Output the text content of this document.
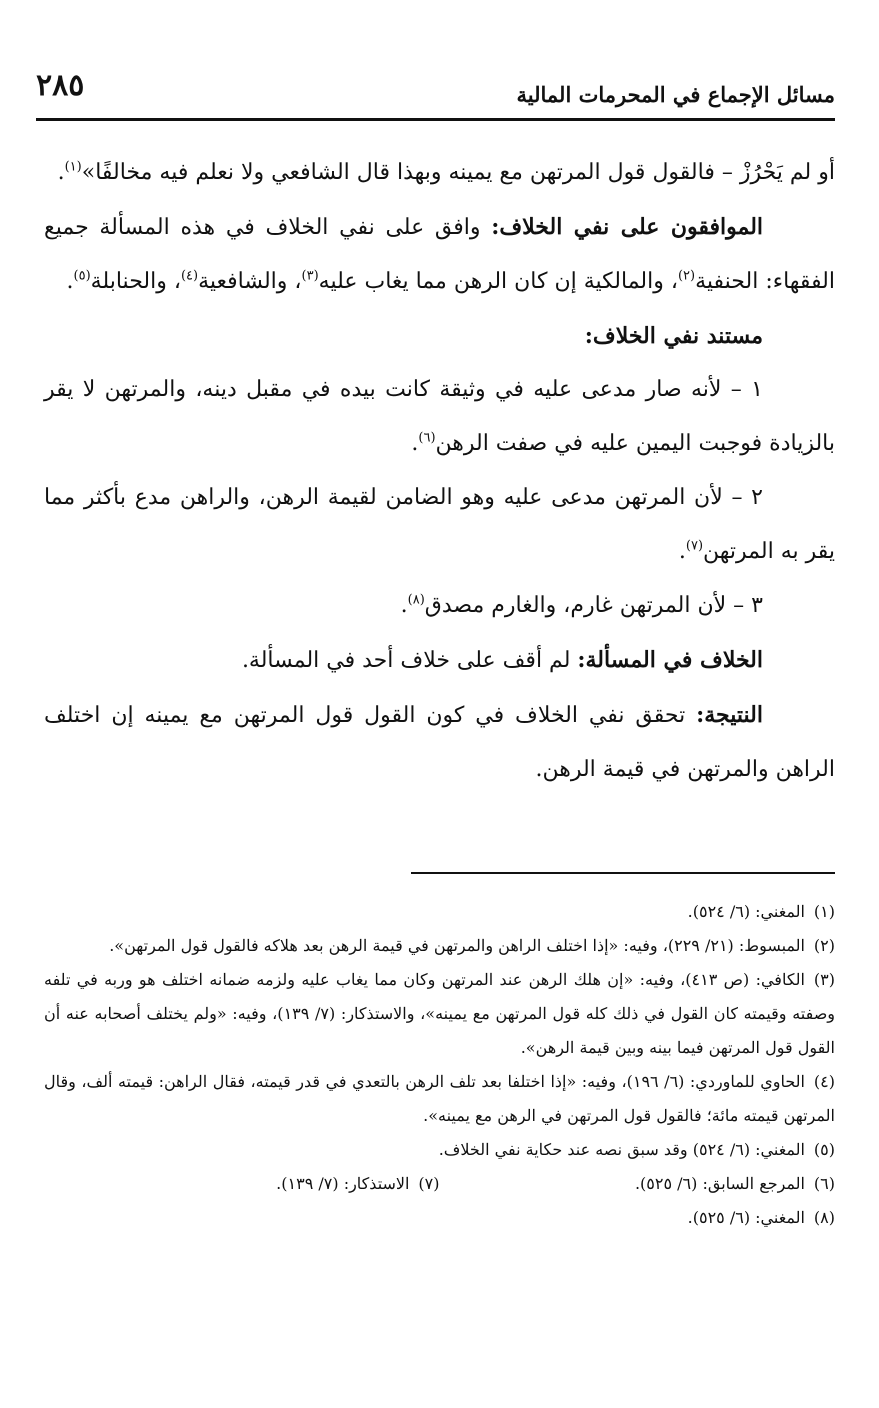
٢٨٥	مسائل الإجماع في المحرمات المالية

أو لم يَحْرُزْ – فالقول قول المرتهن مع يمينه وبهذا قال الشافعي ولا نعلم فيه مخالفًا»$^{(١)}$.

الموافقون على نفي الخلاف: وافق على نفي الخلاف في هذه المسألة جميع الفقهاء: الحنفية$^{(٢)}$، والمالكية إن كان الرهن مما يغاب عليه$^{(٣)}$، والشافعية$^{(٤)}$، والحنابلة$^{(٥)}$.

مستند نفي الخلاف:

١ – لأنه صار مدعى عليه في وثيقة كانت بيده في مقبل دينه، والمرتهن لا يقر بالزيادة فوجبت اليمين عليه في صفت الرهن$^{(٦)}$.

٢ – لأن المرتهن مدعى عليه وهو الضامن لقيمة الرهن، والراهن مدع بأكثر مما يقر به المرتهن$^{(٧)}$.

٣ – لأن المرتهن غارم، والغارم مصدق$^{(٨)}$.

الخلاف في المسألة: لم أقف على خلاف أحد في المسألة.

النتيجة: تحقق نفي الخلاف في كون القول قول المرتهن مع يمينه إن اختلف الراهن والمرتهن في قيمة الرهن.

(١)المغني: (٦/ ٥٢٤).

(٢)المبسوط: (٢١/ ٢٢٩)، وفيه: «إذا اختلف الراهن والمرتهن في قيمة الرهن بعد هلاكه فالقول قول المرتهن».

(٣)الكافي: (ص ٤١٣)، وفيه: «إن هلك الرهن عند المرتهن وكان مما يغاب عليه ولزمه ضمانه اختلف هو وربه في تلفه وصفته وقيمته كان القول في ذلك كله قول المرتهن مع يمينه»، والاستذكار: (٧/ ١٣٩)، وفيه: «ولم يختلف أصحابه عنه أن القول قول المرتهن فيما بينه وبين قيمة الرهن».

(٤)الحاوي للماوردي: (٦/ ١٩٦)، وفيه: «إذا اختلفا بعد تلف الرهن بالتعدي في قدر قيمته، فقال الراهن: قيمته ألف، وقال المرتهن قيمته مائة؛ فالقول قول المرتهن في الرهن مع يمينه».

(٥)المغني: (٦/ ٥٢٤) وقد سبق نصه عند حكاية نفي الخلاف.

(٦)المرجع السابق: (٦/ ٥٢٥).
(٧)الاستذكار: (٧/ ١٣٩).

(٨)المغني: (٦/ ٥٢٥).
